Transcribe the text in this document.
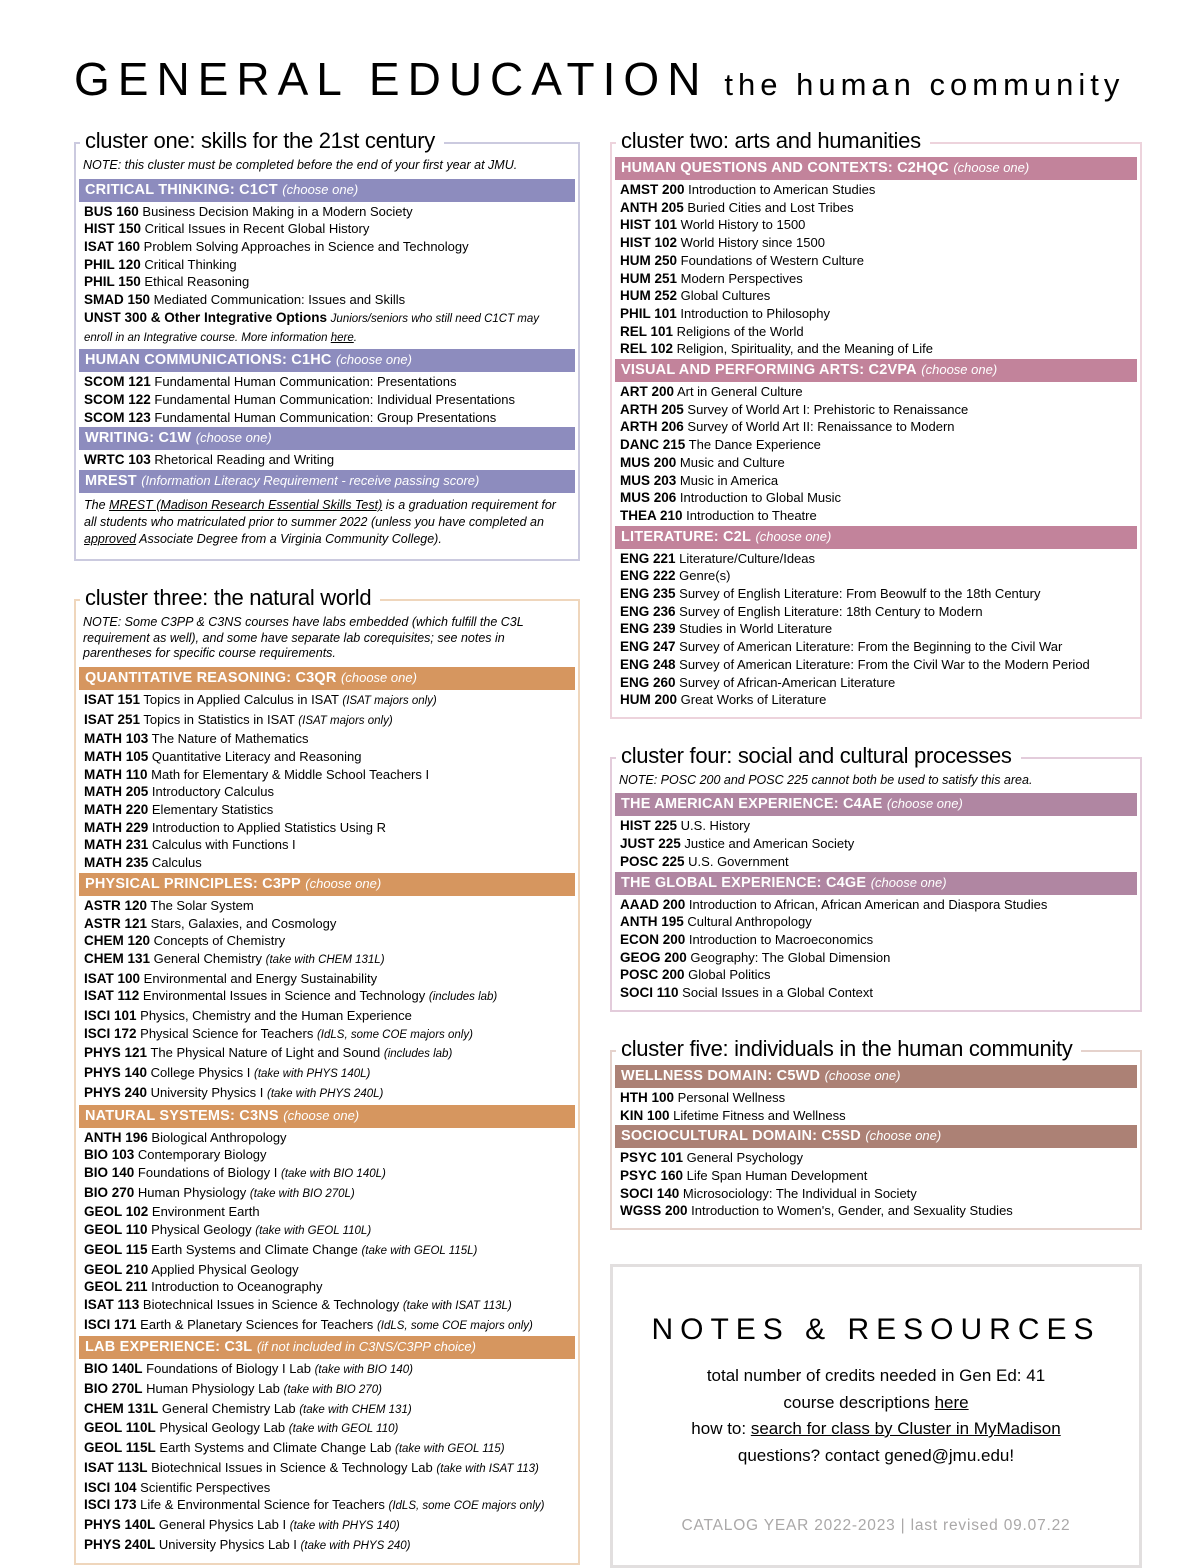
GENERAL EDUCATION the human community
cluster one: skills for the 21st century
NOTE: this cluster must be completed before the end of your first year at JMU.
CRITICAL THINKING: C1CT (choose one)
BUS 160 Business Decision Making in a Modern Society
HIST 150 Critical Issues in Recent Global History
ISAT 160 Problem Solving Approaches in Science and Technology
PHIL 120 Critical Thinking
PHIL 150 Ethical Reasoning
SMAD 150 Mediated Communication: Issues and Skills
UNST 300 & Other Integrative Options Juniors/seniors who still need C1CT may enroll in an Integrative course. More information here.
HUMAN COMMUNICATIONS: C1HC (choose one)
SCOM 121 Fundamental Human Communication: Presentations
SCOM 122 Fundamental Human Communication: Individual Presentations
SCOM 123 Fundamental Human Communication: Group Presentations
WRITING: C1W (choose one)
WRTC 103 Rhetorical Reading and Writing
MREST (Information Literacy Requirement - receive passing score)
The MREST (Madison Research Essential Skills Test) is a graduation requirement for all students who matriculated prior to summer 2022 (unless you have completed an approved Associate Degree from a Virginia Community College).
cluster three: the natural world
NOTE: Some C3PP & C3NS courses have labs embedded (which fulfill the C3L requirement as well), and some have separate lab corequisites; see notes in parentheses for specific course requirements.
QUANTITATIVE REASONING: C3QR (choose one)
ISAT 151 Topics in Applied Calculus in ISAT (ISAT majors only)
ISAT 251 Topics in Statistics in ISAT (ISAT majors only)
MATH 103 The Nature of Mathematics
MATH 105 Quantitative Literacy and Reasoning
MATH 110 Math for Elementary & Middle School Teachers I
MATH 205 Introductory Calculus
MATH 220 Elementary Statistics
MATH 229 Introduction to Applied Statistics Using R
MATH 231 Calculus with Functions I
MATH 235 Calculus
PHYSICAL PRINCIPLES: C3PP (choose one)
ASTR 120 The Solar System
ASTR 121 Stars, Galaxies, and Cosmology
CHEM 120 Concepts of Chemistry
CHEM 131 General Chemistry (take with CHEM 131L)
ISAT 100 Environmental and Energy Sustainability
ISAT 112 Environmental Issues in Science and Technology (includes lab)
ISCI 101 Physics, Chemistry and the Human Experience
ISCI 172 Physical Science for Teachers (IdLS, some COE majors only)
PHYS 121 The Physical Nature of Light and Sound (includes lab)
PHYS 140 College Physics I (take with PHYS 140L)
PHYS 240 University Physics I (take with PHYS 240L)
NATURAL SYSTEMS: C3NS (choose one)
ANTH 196 Biological Anthropology
BIO 103 Contemporary Biology
BIO 140 Foundations of Biology I (take with BIO 140L)
BIO 270 Human Physiology (take with BIO 270L)
GEOL 102 Environment Earth
GEOL 110 Physical Geology (take with GEOL 110L)
GEOL 115 Earth Systems and Climate Change (take with GEOL 115L)
GEOL 210 Applied Physical Geology
GEOL 211 Introduction to Oceanography
ISAT 113 Biotechnical Issues in Science & Technology (take with ISAT 113L)
ISCI 171 Earth & Planetary Sciences for Teachers (IdLS, some COE majors only)
LAB EXPERIENCE: C3L (if not included in C3NS/C3PP choice)
BIO 140L Foundations of Biology I Lab (take with BIO 140)
BIO 270L Human Physiology Lab (take with BIO 270)
CHEM 131L General Chemistry Lab (take with CHEM 131)
GEOL 110L Physical Geology Lab (take with GEOL 110)
GEOL 115L Earth Systems and Climate Change Lab (take with GEOL 115)
ISAT 113L Biotechnical Issues in Science & Technology Lab (take with ISAT 113)
ISCI 104 Scientific Perspectives
ISCI 173 Life & Environmental Science for Teachers (IdLS, some COE majors only)
PHYS 140L General Physics Lab I (take with PHYS 140)
PHYS 240L University Physics Lab I (take with PHYS 240)
cluster two: arts and humanities
HUMAN QUESTIONS AND CONTEXTS: C2HQC (choose one)
AMST 200 Introduction to American Studies
ANTH 205 Buried Cities and Lost Tribes
HIST 101 World History to 1500
HIST 102 World History since 1500
HUM 250 Foundations of Western Culture
HUM 251 Modern Perspectives
HUM 252 Global Cultures
PHIL 101 Introduction to Philosophy
REL 101 Religions of the World
REL 102 Religion, Spirituality, and the Meaning of Life
VISUAL AND PERFORMING ARTS: C2VPA (choose one)
ART 200 Art in General Culture
ARTH 205 Survey of World Art I: Prehistoric to Renaissance
ARTH 206 Survey of World Art II: Renaissance to Modern
DANC 215 The Dance Experience
MUS 200 Music and Culture
MUS 203 Music in America
MUS 206 Introduction to Global Music
THEA 210 Introduction to Theatre
LITERATURE: C2L (choose one)
ENG 221 Literature/Culture/Ideas
ENG 222 Genre(s)
ENG 235 Survey of English Literature: From Beowulf to the 18th Century
ENG 236 Survey of English Literature: 18th Century to Modern
ENG 239 Studies in World Literature
ENG 247 Survey of American Literature: From the Beginning to the Civil War
ENG 248 Survey of American Literature: From the Civil War to the Modern Period
ENG 260 Survey of African-American Literature
HUM 200 Great Works of Literature
cluster four: social and cultural processes
NOTE: POSC 200 and POSC 225 cannot both be used to satisfy this area.
THE AMERICAN EXPERIENCE: C4AE (choose one)
HIST 225 U.S. History
JUST 225 Justice and American Society
POSC 225 U.S. Government
THE GLOBAL EXPERIENCE: C4GE (choose one)
AAAD 200 Introduction to African, African American and Diaspora Studies
ANTH 195 Cultural Anthropology
ECON 200 Introduction to Macroeconomics
GEOG 200 Geography: The Global Dimension
POSC 200 Global Politics
SOCI 110 Social Issues in a Global Context
cluster five: individuals in the human community
WELLNESS DOMAIN: C5WD (choose one)
HTH 100 Personal Wellness
KIN 100 Lifetime Fitness and Wellness
SOCIOCULTURAL DOMAIN: C5SD (choose one)
PSYC 101 General Psychology
PSYC 160 Life Span Human Development
SOCI 140 Microsociology: The Individual in Society
WGSS 200 Introduction to Women's, Gender, and Sexuality Studies
NOTES & RESOURCES
total number of credits needed in Gen Ed: 41
course descriptions here
how to: search for class by Cluster in MyMadison
questions? contact gened@jmu.edu!
CATALOG YEAR 2022-2023 | last revised 09.07.22
